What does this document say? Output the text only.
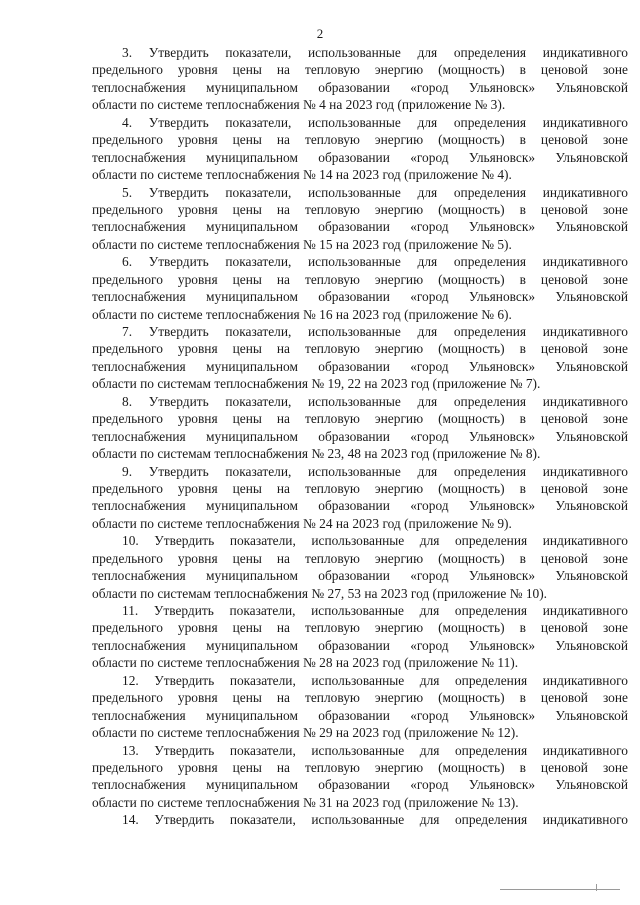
2

3. Утвердить показатели, использованные для определения индикативного
предельного уровня цены на тепловую энергию (мощность) в ценовой зоне
теплоснабжения муниципальном образовании «город Ульяновск» Ульяновской
области по системе теплоснабжения № 4 на 2023 год (приложение № 3).

4. Утвердить показатели, использованные для определения индикативного
предельного уровня цены на тепловую энергию (мощность) в ценовой зоне
теплоснабжения муниципальном образовании «город Ульяновск» Ульяновской
области по системе теплоснабжения № 14 на 2023 год (приложение № 4).

5. Утвердить показатели, использованные для определения индикативного
предельного уровня цены на тепловую энергию (мощность) в ценовой зоне
теплоснабжения муниципальном образовании «город Ульяновск» Ульяновской
области по системе теплоснабжения № 15 на 2023 год (приложение № 5).

6. Утвердить показатели, использованные для определения индикативного
предельного уровня цены на тепловую энергию (мощность) в ценовой зоне
теплоснабжения муниципальном образовании «город Ульяновск» Ульяновской
области по системе теплоснабжения № 16 на 2023 год (приложение № 6).

7. Утвердить показатели, использованные для определения индикативного
предельного уровня цены на тепловую энергию (мощность) в ценовой зоне
теплоснабжения муниципальном образовании «город Ульяновск» Ульяновской
области по системам теплоснабжения № 19, 22 на 2023 год (приложение № 7).

8. Утвердить показатели, использованные для определения индикативного
предельного уровня цены на тепловую энергию (мощность) в ценовой зоне
теплоснабжения муниципальном образовании «город Ульяновск» Ульяновской
области по системам теплоснабжения № 23, 48 на 2023 год (приложение № 8).

9. Утвердить показатели, использованные для определения индикативного
предельного уровня цены на тепловую энергию (мощность) в ценовой зоне
теплоснабжения муниципальном образовании «город Ульяновск» Ульяновской
области по системе теплоснабжения № 24 на 2023 год (приложение № 9).

10. Утвердить показатели, использованные для определения индикативного
предельного уровня цены на тепловую энергию (мощность) в ценовой зоне
теплоснабжения муниципальном образовании «город Ульяновск» Ульяновской
области по системам теплоснабжения № 27, 53 на 2023 год (приложение № 10).

11. Утвердить показатели, использованные для определения индикативного
предельного уровня цены на тепловую энергию (мощность) в ценовой зоне
теплоснабжения муниципальном образовании «город Ульяновск» Ульяновской
области по системе теплоснабжения № 28 на 2023 год (приложение № 11).

12. Утвердить показатели, использованные для определения индикативного
предельного уровня цены на тепловую энергию (мощность) в ценовой зоне
теплоснабжения муниципальном образовании «город Ульяновск» Ульяновской
области по системе теплоснабжения № 29 на 2023 год (приложение № 12).

13. Утвердить показатели, использованные для определения индикативного
предельного уровня цены на тепловую энергию (мощность) в ценовой зоне
теплоснабжения муниципальном образовании «город Ульяновск» Ульяновской
области по системе теплоснабжения № 31 на 2023 год (приложение № 13).

14. Утвердить показатели, использованные для определения индикативного
